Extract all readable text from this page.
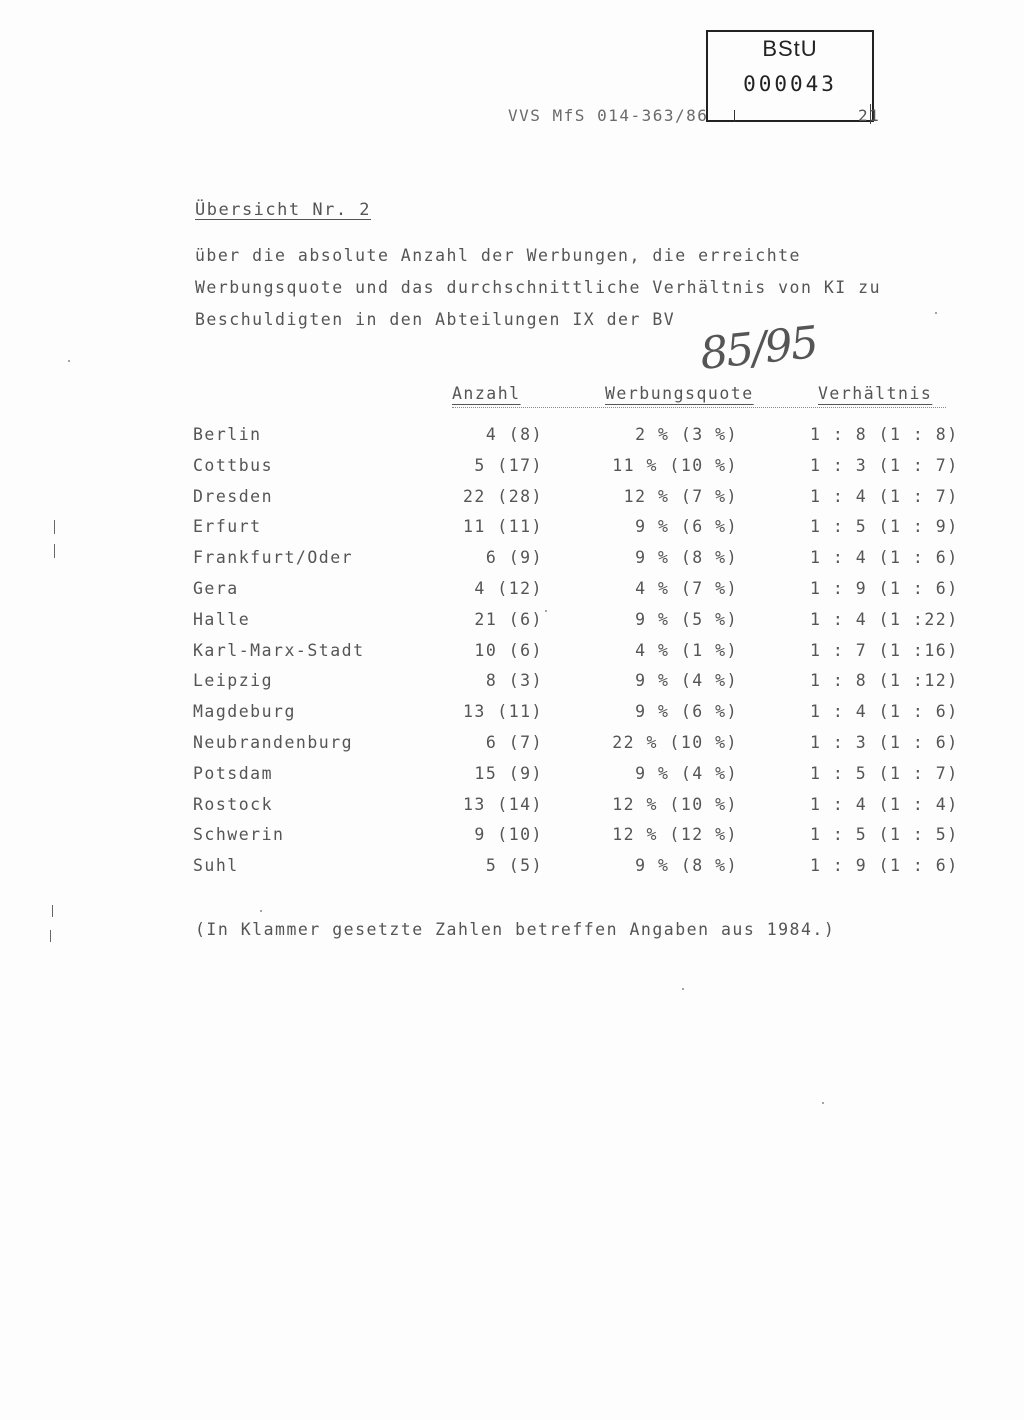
BStU
000043
VVS MfS 014-363/86	21
Übersicht Nr. 2
über die absolute Anzahl der Werbungen, die erreichte Werbungsquote und das durchschnittliche Verhältnis von KI zu Beschuldigten in den Abteilungen IX der BV 85/95
Anzahl	Werbungsquote	Verhältnis
Berlin	4 (8)	2 % (3 %)	1 : 8 (1 : 8)
Cottbus	5 (17)	11 % (10 %)	1 : 3 (1 : 7)
Dresden	22 (28)	12 % (7 %)	1 : 4 (1 : 7)
Erfurt	11 (11)	9 % (6 %)	1 : 5 (1 : 9)
Frankfurt/Oder	6 (9)	9 % (8 %)	1 : 4 (1 : 6)
Gera	4 (12)	4 % (7 %)	1 : 9 (1 : 6)
Halle	21 (6)	9 % (5 %)	1 : 4 (1 :22)
Karl-Marx-Stadt	10 (6)	4 % (1 %)	1 : 7 (1 :16)
Leipzig	8 (3)	9 % (4 %)	1 : 8 (1 :12)
Magdeburg	13 (11)	9 % (6 %)	1 : 4 (1 : 6)
Neubrandenburg	6 (7)	22 % (10 %)	1 : 3 (1 : 6)
Potsdam	15 (9)	9 % (4 %)	1 : 5 (1 : 7)
Rostock	13 (14)	12 % (10 %)	1 : 4 (1 : 4)
Schwerin	9 (10)	12 % (12 %)	1 : 5 (1 : 5)
Suhl	5 (5)	9 % (8 %)	1 : 9 (1 : 6)
(In Klammer gesetzte Zahlen betreffen Angaben aus 1984.)
